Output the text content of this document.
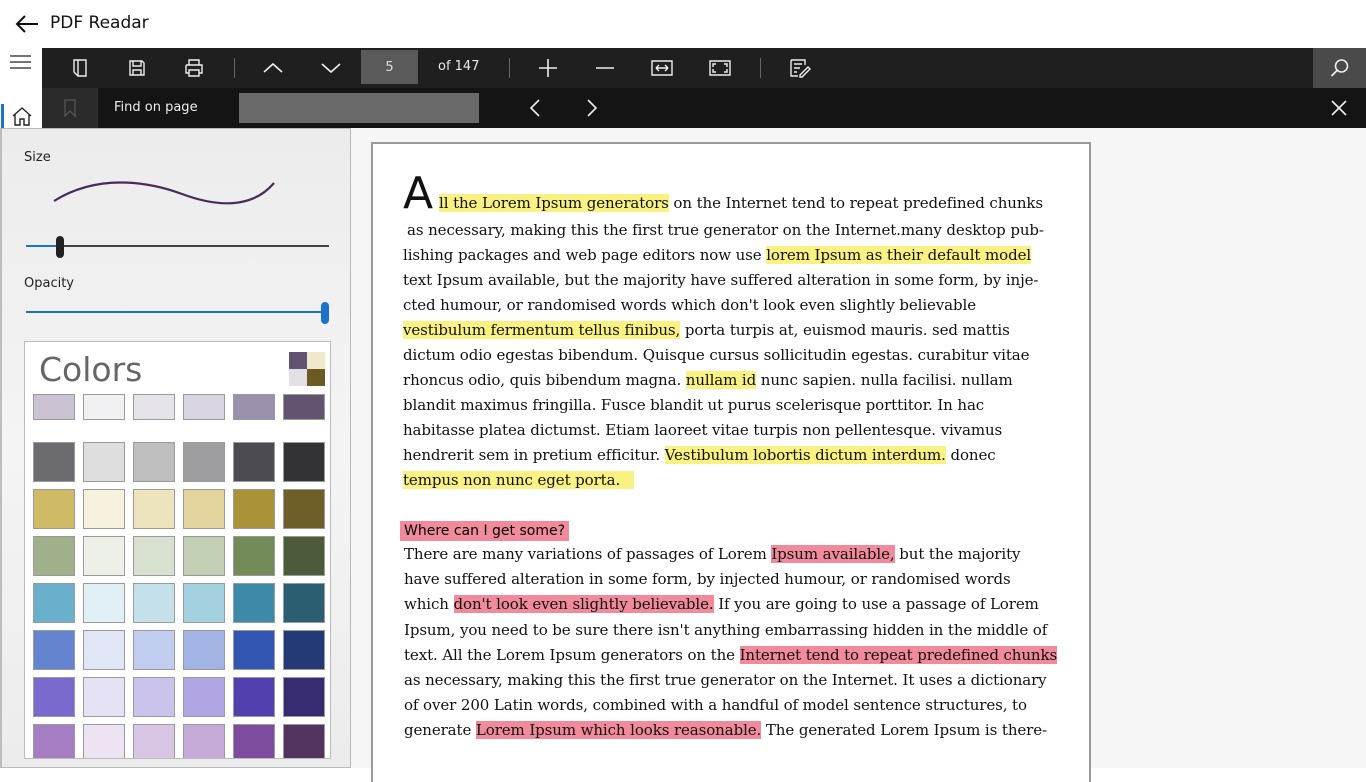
PDF Readar
5	of 147
Find on page
Size
Opacity
Colors
A ll the Lorem Ipsum generators on the Internet tend to repeat predefined chunks
as necessary, making this the first true generator on the Internet.many desktop pub-
lishing packages and web page editors now use lorem Ipsum as their default model
text Ipsum available, but the majority have suffered alteration in some form, by inje-
cted humour, or randomised words which don't look even slightly believable
vestibulum fermentum tellus finibus, porta turpis at, euismod mauris. sed mattis
dictum odio egestas bibendum. Quisque cursus sollicitudin egestas. curabitur vitae
rhoncus odio, quis bibendum magna. nullam id nunc sapien. nulla facilisi. nullam
blandit maximus fringilla. Fusce blandit ut purus scelerisque porttitor. In hac
habitasse platea dictumst. Etiam laoreet vitae turpis non pellentesque. vivamus
hendrerit sem in pretium efficitur. Vestibulum lobortis dictum interdum. donec
tempus non nunc eget porta.
Where can I get some?
There are many variations of passages of Lorem Ipsum available, but the majority
have suffered alteration in some form, by injected humour, or randomised words
which don't look even slightly believable. If you are going to use a passage of Lorem
Ipsum, you need to be sure there isn't anything embarrassing hidden in the middle of
text. All the Lorem Ipsum generators on the Internet tend to repeat predefined chunks
as necessary, making this the first true generator on the Internet. It uses a dictionary
of over 200 Latin words, combined with a handful of model sentence structures, to
generate Lorem Ipsum which looks reasonable. The generated Lorem Ipsum is there-
